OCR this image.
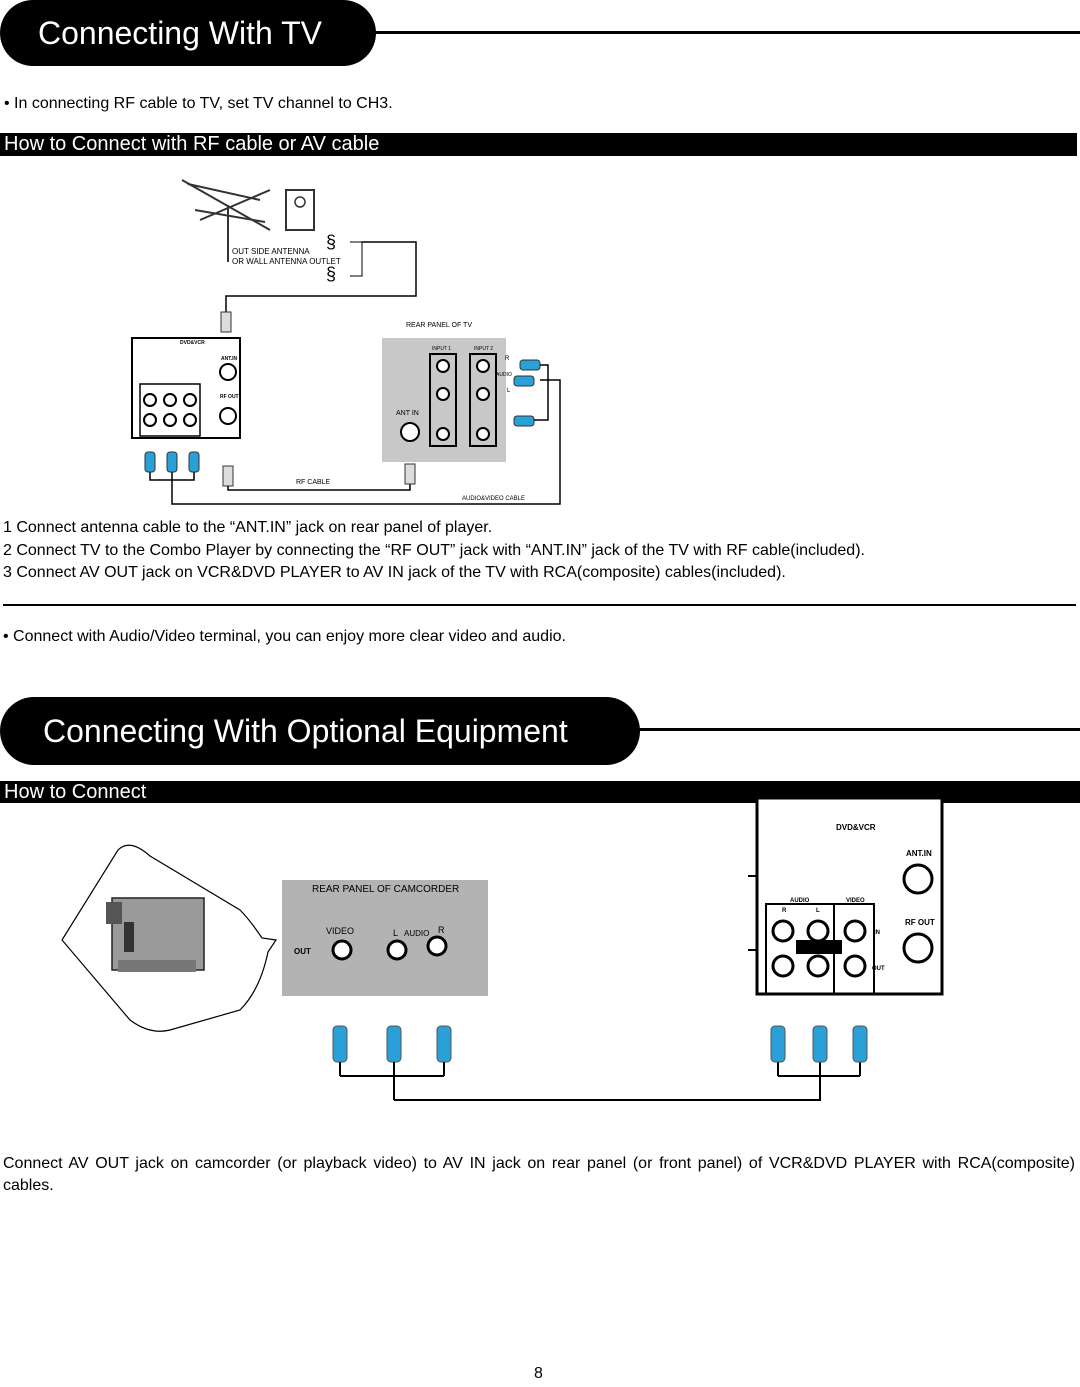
Connecting With TV
• In connecting RF cable to TV, set TV channel to CH3.
How to Connect with RF cable or AV cable
§
§
OUT SIDE ANTENNA
OR WALL ANTENNA OUTLET
DVD&VCR
ANT.IN
RF OUT
RF CABLE
AUDIO&VIDEO CABLE
REAR PANEL OF TV
INPUT 1	INPUT 2
ANT IN
AUDIO
R
L
1 Connect antenna cable to the “ANT.IN” jack on rear panel of player.
2 Connect TV to the Combo Player by connecting the “RF OUT” jack with “ANT.IN” jack of the TV with RF cable(included).
3 Connect AV OUT jack on VCR&DVD PLAYER to AV IN jack of the TV with RCA(composite) cables(included).
• Connect with Audio/Video terminal, you can enjoy more clear video and audio.
Connecting With Optional Equipment
How to Connect
REAR PANEL OF CAMCORDER
VIDEO	L AUDIO R
OUT
DVD&VCR
ANT.IN
RF OUT
AUDIO	VIDEO
R	L
IN
OUT
Connect AV OUT jack on camcorder (or playback video) to AV IN jack on rear panel (or front panel) of VCR&DVD PLAYER with RCA(composite) cables.
8
